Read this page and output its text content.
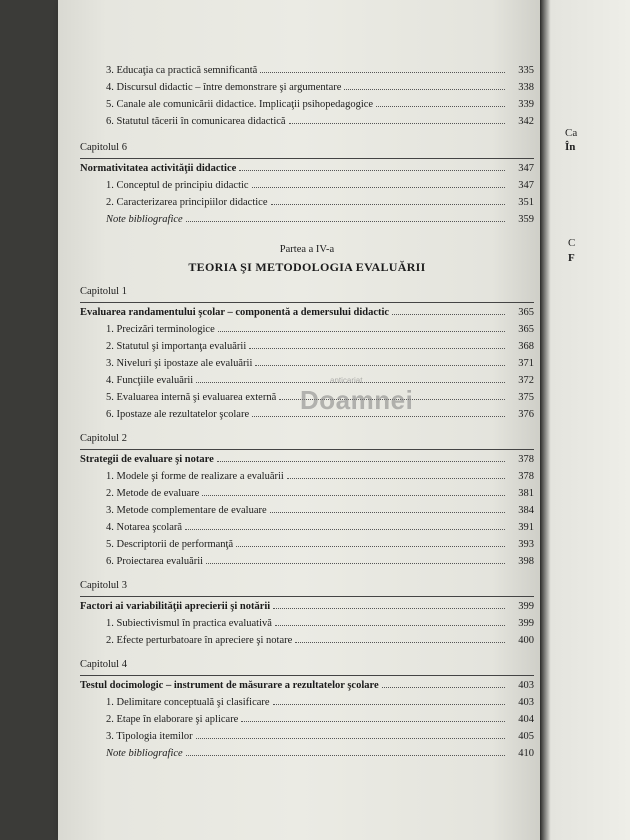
Ca
În
C
F
3. Educaţia ca practică semnificantă	335
4. Discursul didactic – între demonstrare şi argumentare	338
5. Canale ale comunicării didactice. Implicaţii psihopedagogice	339
6. Statutul tăcerii în comunicarea didactică	342
Capitolul 6
Normativitatea activităţii didactice	347
1. Conceptul de principiu didactic	347
2. Caracterizarea principiilor didactice	351
Note bibliografice	359
Partea a IV-a
TEORIA ŞI METODOLOGIA EVALUĂRII
Capitolul 1
Evaluarea randamentului şcolar – componentă a demersului didactic	365
1. Precizări terminologice	365
2. Statutul şi importanţa evaluării	368
3. Niveluri şi ipostaze ale evaluării	371
4. Funcţiile evaluării	372
5. Evaluarea internă şi evaluarea externă	375
6. Ipostaze ale rezultatelor şcolare	376
Capitolul 2
Strategii de evaluare şi notare	378
1. Modele şi forme de realizare a evaluării	378
2. Metode de evaluare	381
3. Metode complementare de evaluare	384
4. Notarea şcolară	391
5. Descriptorii de performanţă	393
6. Proiectarea evaluării	398
Capitolul 3
Factori ai variabilităţii aprecierii şi notării	399
1. Subiectivismul în practica evaluativă	399
2. Efecte perturbatoare în apreciere şi notare	400
Capitolul 4
Testul docimologic – instrument de măsurare a rezultatelor şcolare	403
1. Delimitare conceptuală şi clasificare	403
2. Etape în elaborare şi aplicare	404
3. Tipologia itemilor	405
Note bibliografice	410
anticariat
Doamnei
